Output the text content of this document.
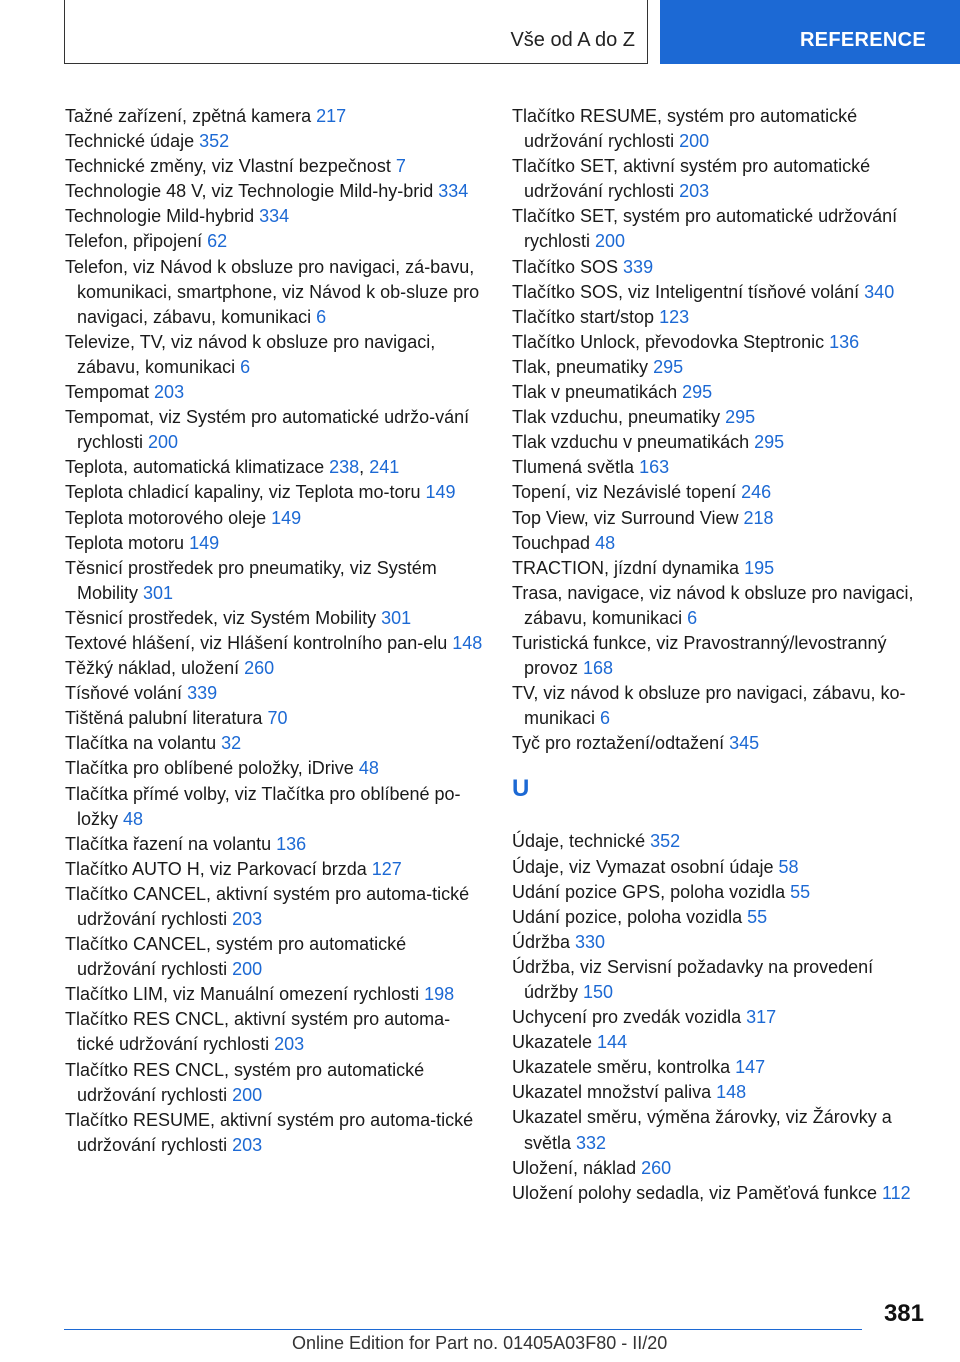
Vše od A do Z	REFERENCE

Tažné zařízení, zpětná kamera 217

Technické údaje 352

Technické změny, viz Vlastní bezpečnost 7

Technologie 48 V, viz Technologie Mild-hy-brid 334

Technologie Mild-hybrid 334

Telefon, připojení 62

Telefon, viz Návod k obsluze pro navigaci, zá-bavu, komunikaci, smartphone, viz Návod k ob-sluze pro navigaci, zábavu, komunikaci 6

Televize, TV, viz návod k obsluze pro navigaci, zábavu, komunikaci 6

Tempomat 203

Tempomat, viz Systém pro automatické udržo-vání rychlosti 200

Teplota, automatická klimatizace 238, 241

Teplota chladicí kapaliny, viz Teplota mo-toru 149

Teplota motorového oleje 149

Teplota motoru 149

Těsnicí prostředek pro pneumatiky, viz Systém Mobility 301

Těsnicí prostředek, viz Systém Mobility 301

Textové hlášení, viz Hlášení kontrolního pan-elu 148

Těžký náklad, uložení 260

Tísňové volání 339

Tištěná palubní literatura 70

Tlačítka na volantu 32

Tlačítka pro oblíbené položky, iDrive 48

Tlačítka přímé volby, viz Tlačítka pro oblíbené po-ložky 48

Tlačítka řazení na volantu 136

Tlačítko AUTO H, viz Parkovací brzda 127

Tlačítko CANCEL, aktivní systém pro automa-tické udržování rychlosti 203

Tlačítko CANCEL, systém pro automatické udržování rychlosti 200

Tlačítko LIM, viz Manuální omezení rychlosti 198

Tlačítko RES CNCL, aktivní systém pro automa-tické udržování rychlosti 203

Tlačítko RES CNCL, systém pro automatické udržování rychlosti 200

Tlačítko RESUME, aktivní systém pro automa-tické udržování rychlosti 203

Tlačítko RESUME, systém pro automatické udržování rychlosti 200

Tlačítko SET, aktivní systém pro automatické udržování rychlosti 203

Tlačítko SET, systém pro automatické udržování rychlosti 200

Tlačítko SOS 339

Tlačítko SOS, viz Inteligentní tísňové volání 340

Tlačítko start/stop 123

Tlačítko Unlock, převodovka Steptronic 136

Tlak, pneumatiky 295

Tlak v pneumatikách 295

Tlak vzduchu, pneumatiky 295

Tlak vzduchu v pneumatikách 295

Tlumená světla 163

Topení, viz Nezávislé topení 246

Top View, viz Surround View 218

Touchpad 48

TRACTION, jízdní dynamika 195

Trasa, navigace, viz návod k obsluze pro navigaci, zábavu, komunikaci 6

Turistická funkce, viz Pravostranný/levostranný provoz 168

TV, viz návod k obsluze pro navigaci, zábavu, ko-munikaci 6

Tyč pro roztažení/odtažení 345

U

Údaje, technické 352

Údaje, viz Vymazat osobní údaje 58

Udání pozice GPS, poloha vozidla 55

Udání pozice, poloha vozidla 55

Údržba 330

Údržba, viz Servisní požadavky na provedení údržby 150

Uchycení pro zvedák vozidla 317

Ukazatele 144

Ukazatele směru, kontrolka 147

Ukazatel množství paliva 148

Ukazatel směru, výměna žárovky, viz Žárovky a světla 332

Uložení, náklad 260

Uložení polohy sedadla, viz Paměťová funkce 112

381
Online Edition for Part no. 01405A03F80 - II/20
